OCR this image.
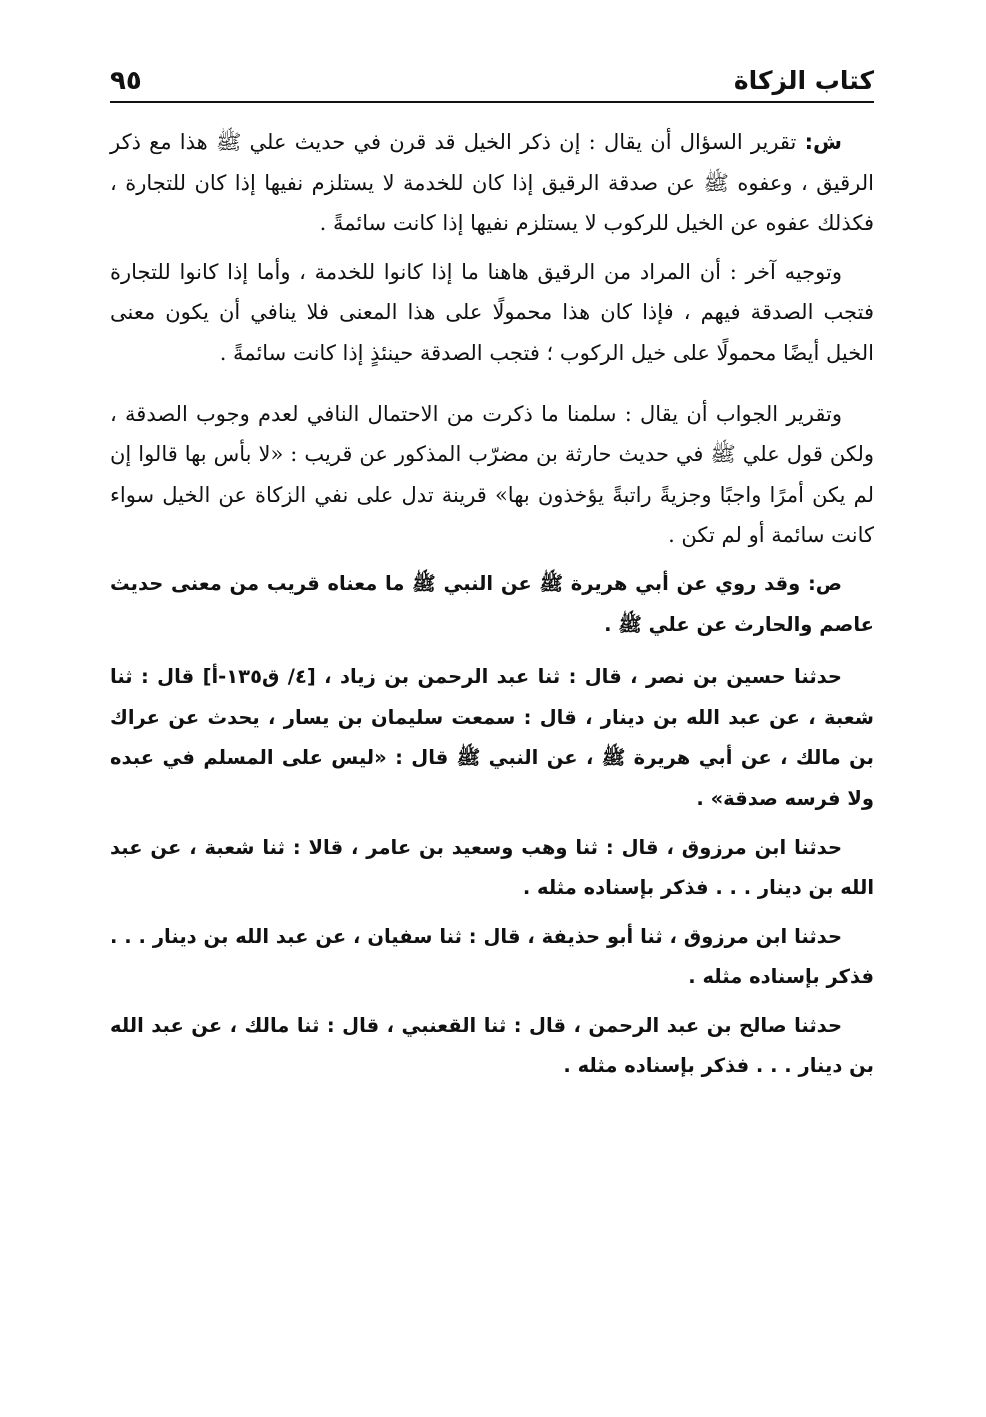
كتاب الزكاة
٩٥

ش: تقرير السؤال أن يقال : إن ذكر الخيل قد قرن في حديث علي ﷺ هذا مع ذكر الرقيق ، وعفوه ﷺ عن صدقة الرقيق إذا كان للخدمة لا يستلزم نفيها إذا كان للتجارة ، فكذلك عفوه عن الخيل للركوب لا يستلزم نفيها إذا كانت سائمةً .

وتوجيه آخر : أن المراد من الرقيق هاهنا ما إذا كانوا للخدمة ، وأما إذا كانوا للتجارة فتجب الصدقة فيهم ، فإذا كان هذا محمولًا على هذا المعنى فلا ينافي أن يكون معنى الخيل أيضًا محمولًا على خيل الركوب ؛ فتجب الصدقة حينئذٍ إذا كانت سائمةً .

وتقرير الجواب أن يقال : سلمنا ما ذكرت من الاحتمال النافي لعدم وجوب الصدقة ، ولكن قول علي ﷺ في حديث حارثة بن مضرّب المذكور عن قريب : «لا بأس بها قالوا إن لم يكن أمرًا واجبًا وجزيةً راتبةً يؤخذون بها» قرينة تدل على نفي الزكاة عن الخيل سواء كانت سائمة أو لم تكن .

ص: وقد روي عن أبي هريرة ﷺ عن النبي ﷺ ما معناه قريب من معنى حديث عاصم والحارث عن علي ﷺ .

حدثنا حسين بن نصر ، قال : ثنا عبد الرحمن بن زياد ، [٤/ ق١٣٥-أ] قال : ثنا شعبة ، عن عبد الله بن دينار ، قال : سمعت سليمان بن يسار ، يحدث عن عراك بن مالك ، عن أبي هريرة ﷺ ، عن النبي ﷺ قال : «ليس على المسلم في عبده ولا فرسه صدقة» .

حدثنا ابن مرزوق ، قال : ثنا وهب وسعيد بن عامر ، قالا : ثنا شعبة ، عن عبد الله بن دينار . . . فذكر بإسناده مثله .

حدثنا ابن مرزوق ، ثنا أبو حذيفة ، قال : ثنا سفيان ، عن عبد الله بن دينار . . . فذكر بإسناده مثله .

حدثنا صالح بن عبد الرحمن ، قال : ثنا القعنبي ، قال : ثنا مالك ، عن عبد الله بن دينار . . . فذكر بإسناده مثله .
